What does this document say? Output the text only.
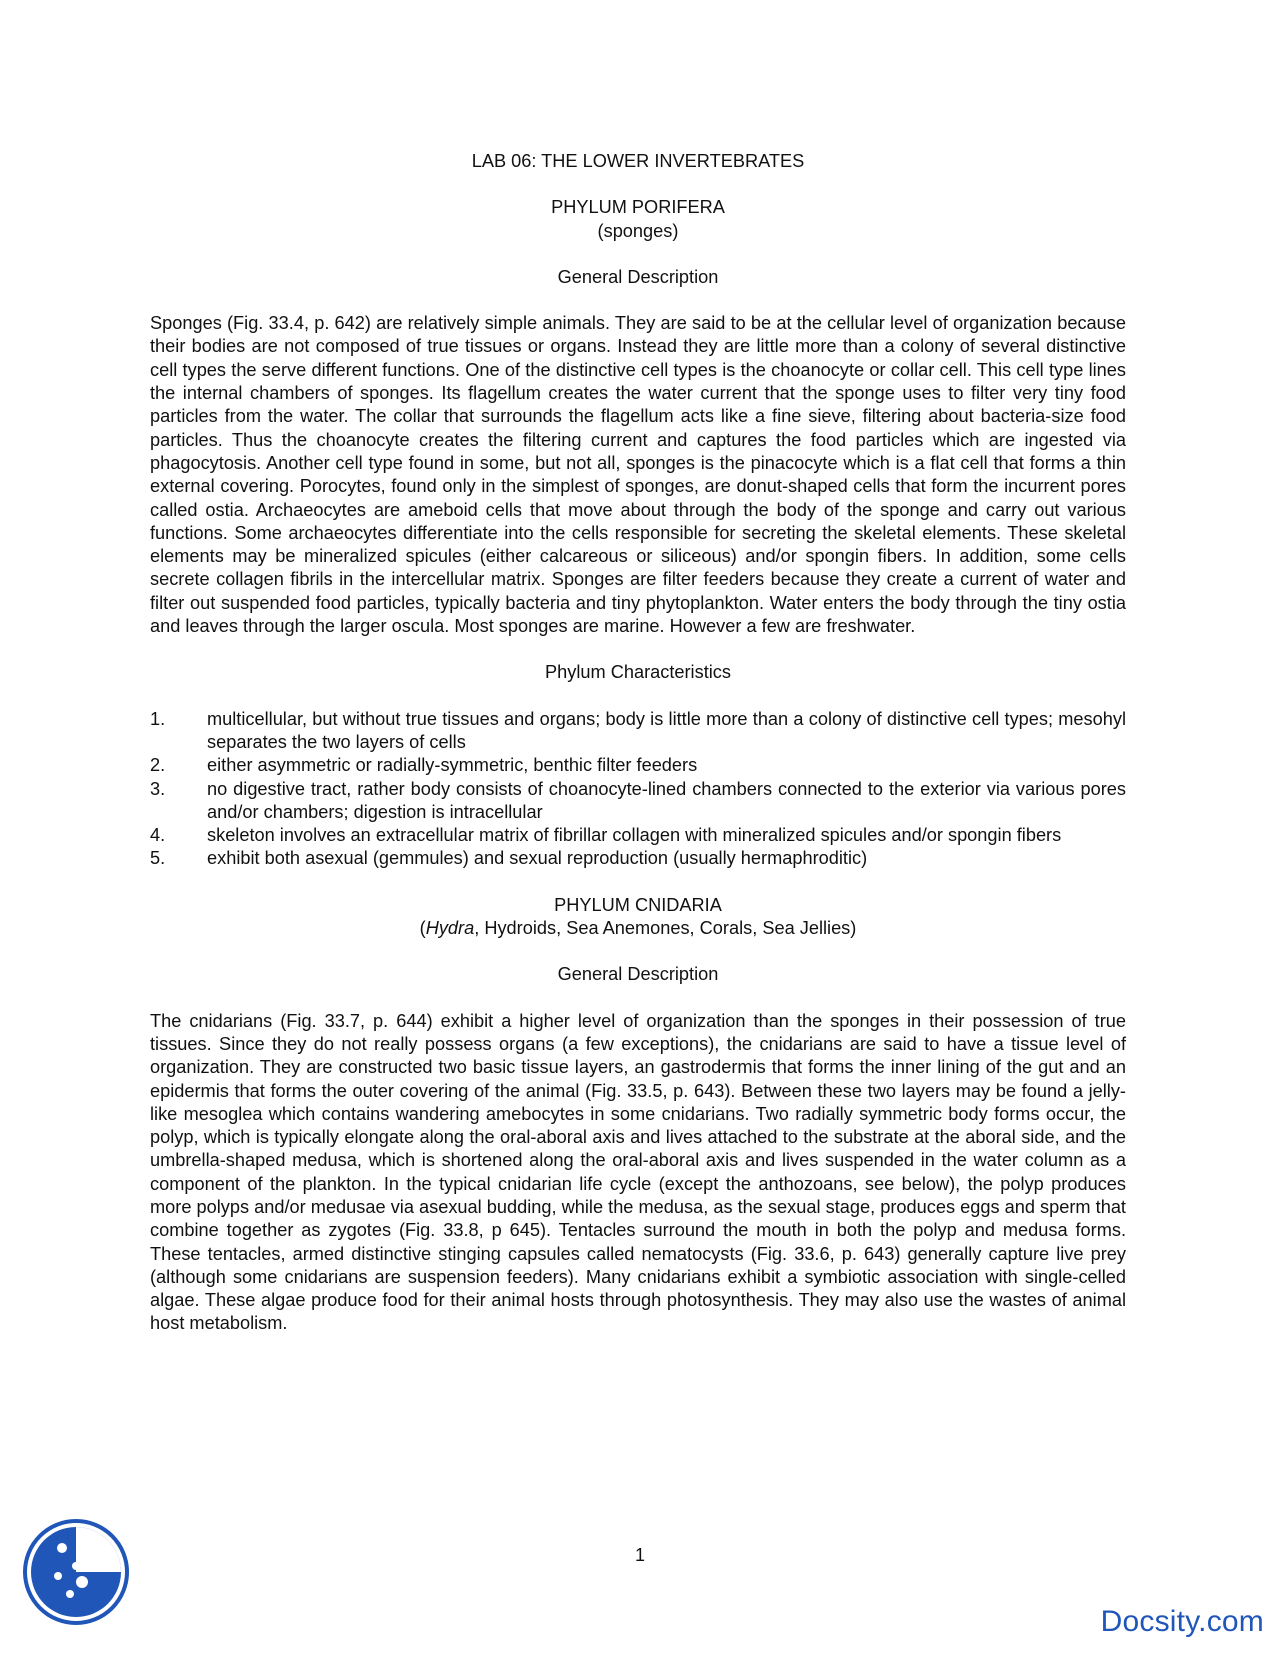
LAB 06: THE LOWER INVERTEBRATES
PHYLUM PORIFERA
(sponges)
General Description

Sponges (Fig. 33.4, p. 642) are relatively simple animals. They are said to be at the cellular level of organization because their bodies are not composed of true tissues or organs. Instead they are little more than a colony of several distinctive cell types the serve different functions. One of the distinctive cell types is the choanocyte or collar cell. This cell type lines the internal chambers of sponges. Its flagellum creates the water current that the sponge uses to filter very tiny food particles from the water. The collar that surrounds the flagellum acts like a fine sieve, filtering about bacteria-size food particles. Thus the choanocyte creates the filtering current and captures the food particles which are ingested via phagocytosis. Another cell type found in some, but not all, sponges is the pinacocyte which is a flat cell that forms a thin external covering. Porocytes, found only in the simplest of sponges, are donut-shaped cells that form the incurrent pores called ostia. Archaeocytes are ameboid cells that move about through the body of the sponge and carry out various functions. Some archaeocytes differentiate into the cells responsible for secreting the skeletal elements. These skeletal elements may be mineralized spicules (either calcareous or siliceous) and/or spongin fibers. In addition, some cells secrete collagen fibrils in the intercellular matrix. Sponges are filter feeders because they create a current of water and filter out suspended food particles, typically bacteria and tiny phytoplankton. Water enters the body through the tiny ostia and leaves through the larger oscula. Most sponges are marine. However a few are freshwater.

Phylum Characteristics
1. multicellular, but without true tissues and organs; body is little more than a colony of distinctive cell types; mesohyl separates the two layers of cells
2. either asymmetric or radially-symmetric, benthic filter feeders
3. no digestive tract, rather body consists of choanocyte-lined chambers connected to the exterior via various pores and/or chambers; digestion is intracellular
4. skeleton involves an extracellular matrix of fibrillar collagen with mineralized spicules and/or spongin fibers
5. exhibit both asexual (gemmules) and sexual reproduction (usually hermaphroditic)
PHYLUM CNIDARIA
(Hydra, Hydroids, Sea Anemones, Corals, Sea Jellies)
General Description

The cnidarians (Fig. 33.7, p. 644) exhibit a higher level of organization than the sponges in their possession of true tissues. Since they do not really possess organs (a few exceptions), the cnidarians are said to have a tissue level of organization. They are constructed two basic tissue layers, an gastrodermis that forms the inner lining of the gut and an epidermis that forms the outer covering of the animal (Fig. 33.5, p. 643). Between these two layers may be found a jelly-like mesoglea which contains wandering amebocytes in some cnidarians. Two radially symmetric body forms occur, the polyp, which is typically elongate along the oral-aboral axis and lives attached to the substrate at the aboral side, and the umbrella-shaped medusa, which is shortened along the oral-aboral axis and lives suspended in the water column as a component of the plankton. In the typical cnidarian life cycle (except the anthozoans, see below), the polyp produces more polyps and/or medusae via asexual budding, while the medusa, as the sexual stage, produces eggs and sperm that combine together as zygotes (Fig. 33.8, p 645). Tentacles surround the mouth in both the polyp and medusa forms. These tentacles, armed distinctive stinging capsules called nematocysts (Fig. 33.6, p. 643) generally capture live prey (although some cnidarians are suspension feeders). Many cnidarians exhibit a symbiotic association with single-celled algae. These algae produce food for their animal hosts through photosynthesis. They may also use the wastes of animal host metabolism.

1
Docsity.com
